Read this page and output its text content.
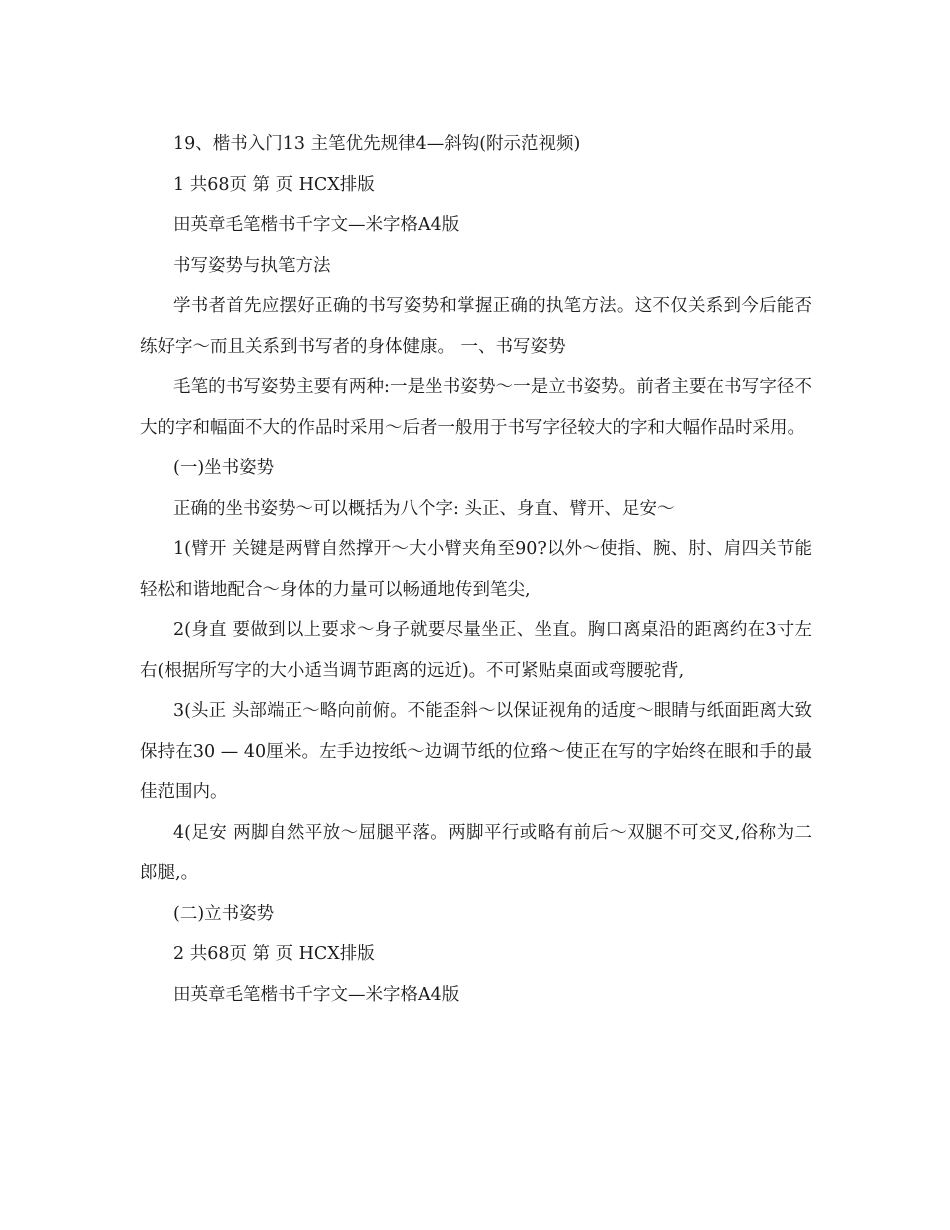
19、楷书入门13 主笔优先规律4—斜钩(附示范视频)

1 共68页 第 页 HCX排版

田英章毛笔楷书千字文—米字格A4版

书写姿势与执笔方法

学书者首先应摆好正确的书写姿势和掌握正确的执笔方法。这不仅关系到今后能否练好字～而且关系到书写者的身体健康。 一、书写姿势

毛笔的书写姿势主要有两种:一是坐书姿势～一是立书姿势。前者主要在书写字径不大的字和幅面不大的作品时采用～后者一般用于书写字径较大的字和大幅作品时采用。

(一)坐书姿势

正确的坐书姿势～可以概括为八个字: 头正、身直、臂开、足安～

1(臂开 关键是两臂自然撑开～大小臂夹角至90?以外～使指、腕、肘、肩四关节能轻松和谐地配合～身体的力量可以畅通地传到笔尖,

2(身直 要做到以上要求～身子就要尽量坐正、坐直。胸口离桌沿的距离约在3寸左右(根据所写字的大小适当调节距离的远近)。不可紧贴桌面或弯腰驼背,

3(头正 头部端正～略向前俯。不能歪斜～以保证视角的适度～眼睛与纸面距离大致保持在30 — 40厘米。左手边按纸～边调节纸的位臵～使正在写的字始终在眼和手的最佳范围内。

4(足安 两脚自然平放～屈腿平落。两脚平行或略有前后～双腿不可交叉,俗称为二郎腿,。

(二)立书姿势

2 共68页 第 页 HCX排版

田英章毛笔楷书千字文—米字格A4版
